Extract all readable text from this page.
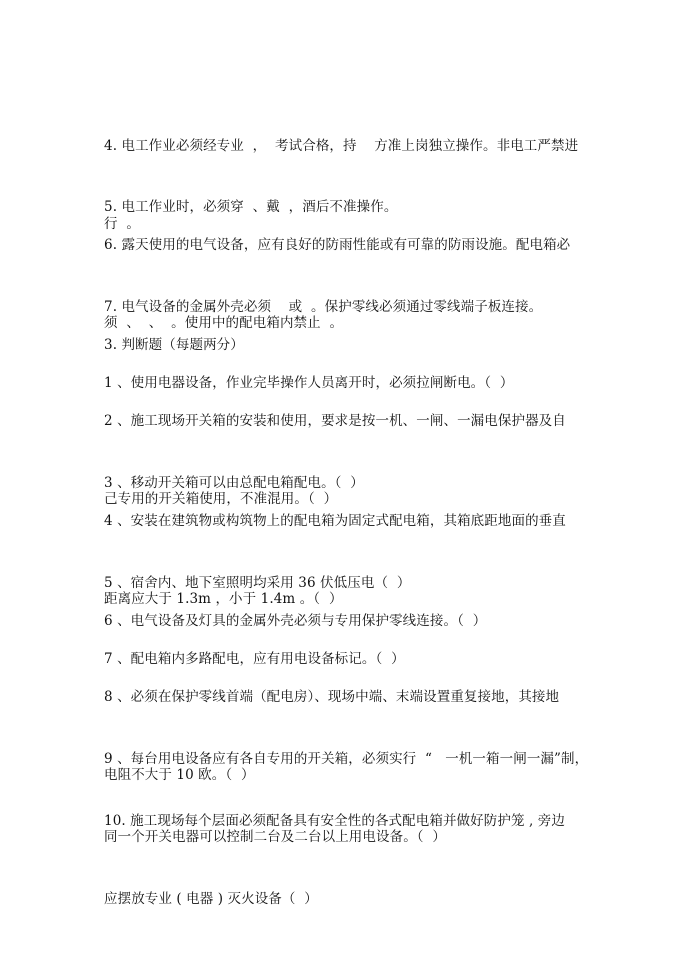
4. 电工作业必须经专业  ，  考试合格，持    方准上岗独立操作。非电工严禁进

行  。

5. 电工作业时，必须穿  、戴  ，酒后不准操作。

6. 露天使用的电气设备，应有良好的防雨性能或有可靠的防雨设施。配电箱必

须  、  、  。使用中的配电箱内禁止  。

7. 电气设备的金属外壳必须    或  。保护零线必须通过零线端子板连接。

3. 判断题（每题两分）

1 、使用电器设备，作业完毕操作人员离开时，必须拉闸断电。（  ）

2 、施工现场开关箱的安装和使用，要求是按一机、一闸、一漏电保护器及自

己专用的开关箱使用，不准混用。（  ）

3 、移动开关箱可以由总配电箱配电。（  ）

4 、安装在建筑物或构筑物上的配电箱为固定式配电箱，其箱底距地面的垂直

距离应大于 1.3m ，小于 1.4m 。（  ）

5 、宿舍内、地下室照明均采用 36 伏低压电（  ）

6 、电气设备及灯具的金属外壳必须与专用保护零线连接。（  ）

7 、配电箱内多路配电，应有用电设备标记。（  ）

8 、必须在保护零线首端（配电房）、现场中端、末端设置重复接地，其接地

电阻不大于 10 欧。（  ）

9 、每台用电设备应有各自专用的开关箱，必须实行  “   一机一箱一闸一漏”制，

同一个开关电器可以控制二台及二台以上用电设备。（  ）

10. 施工现场每个层面必须配备具有安全性的各式配电箱并做好防护笼 , 旁边

应摆放专业 ( 电器 ) 灭火设备（  ）
